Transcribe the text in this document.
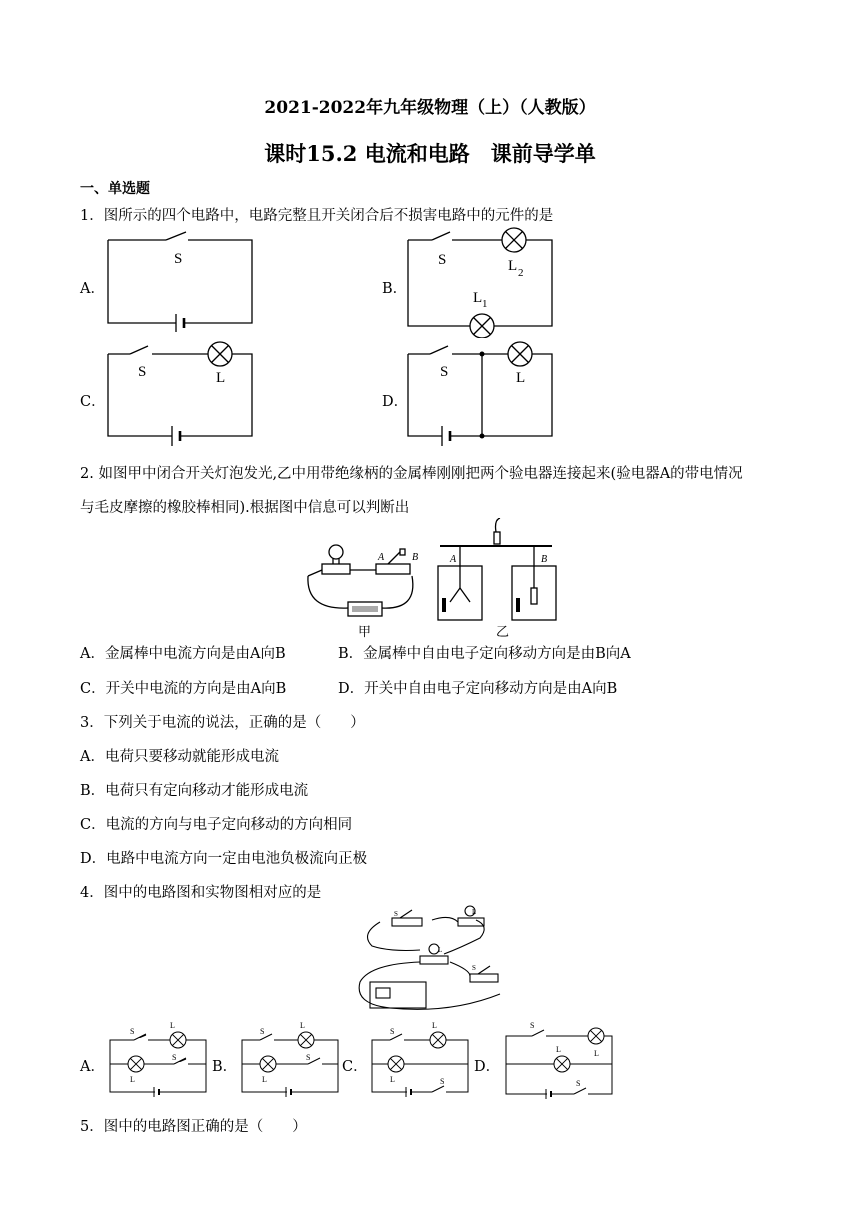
2021-2022年九年级物理（上）（人教版）
课时15.2 电流和电路　课前导学单
一、单选题
1．图所示的四个电路中，电路完整且开关闭合后不损害电路中的元件的是
A．
S
B．
S	L 2
L 1
C．
S	L
D．
S	L
2. 如图甲中闭合开关灯泡发光,乙中用带绝缘柄的金属棒刚刚把两个验电器连接起来(验电器A的带电情况
与毛皮摩擦的橡胶棒相同).根据图中信息可以判断出
A	B	A	B
甲	乙
A．金属棒中电流方向是由A向B	B．金属棒中自由电子定向移动方向是由B向A
C．开关中电流的方向是由A向B	D．开关中自由电子定向移动方向是由A向B
3．下列关于电流的说法，正确的是（　　）
A．电荷只要移动就能形成电流
B．电荷只有定向移动才能形成电流
C．电流的方向与电子定向移动的方向相同
D．电路中电流方向一定由电池负极流向正极
4．图中的电路图和实物图相对应的是
S	L
L
S
A．
S
L
S
L
B．
S
L
S
L
C．
S
L
L	S
D．
S
L	L
S
5．图中的电路图正确的是（　　）
